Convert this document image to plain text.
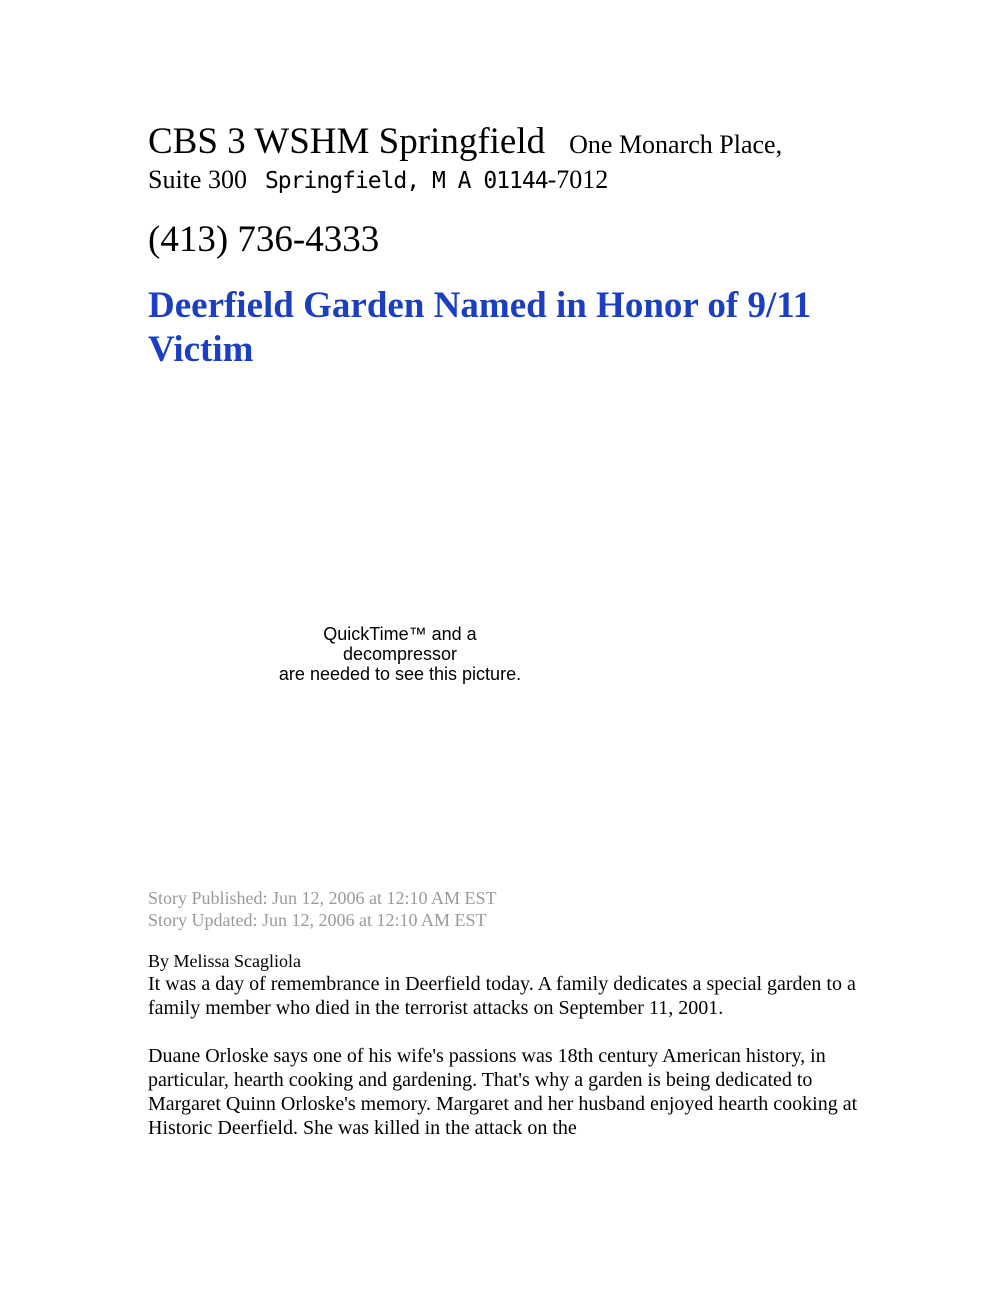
CBS 3 WSHM Springfield One Monarch Place,
Suite 300 Springfield, M A 01144-7012
(413) 736-4333
Deerfield Garden Named in Honor of 9/11 Victim
QuickTime™ and a
decompressor
are needed to see this picture.
Story Published: Jun 12, 2006 at 12:10 AM EST
Story Updated: Jun 12, 2006 at 12:10 AM EST
By Melissa Scagliola

It was a day of remembrance in Deerfield today. A family dedicates a special garden to a family member who died in the terrorist attacks on September 11, 2001.

Duane Orloske says one of his wife's passions was 18th century American history, in particular, hearth cooking and gardening. That's why a garden is being dedicated to Margaret Quinn Orloske's memory. Margaret and her husband enjoyed hearth cooking at Historic Deerfield. She was killed in the attack on the
